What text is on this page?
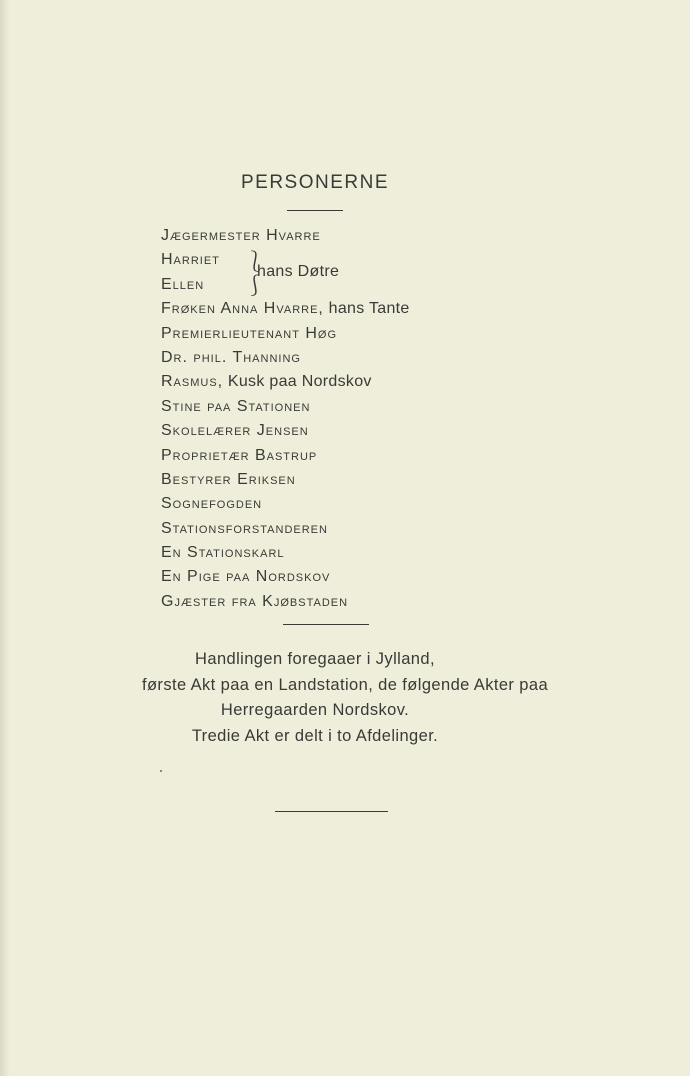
PERSONERNE
Jægermester Hvarre
Harriet
Ellen
⎱
⎰
hans Døtre
Frøken Anna Hvarre, hans Tante
Premierlieutenant Høg
Dr. phil. Thanning
Rasmus, Kusk paa Nordskov
Stine paa Stationen
Skolelærer Jensen
Proprietær Bastrup
Bestyrer Eriksen
Sognefogden
Stationsforstanderen
En Stationskarl
En Pige paa Nordskov
Gjæster fra Kjøbstaden
Handlingen foregaaer i Jylland,
første Akt paa en Landstation, de følgende Akter paa
Herregaarden Nordskov.
Tredie Akt er delt i to Afdelinger.
